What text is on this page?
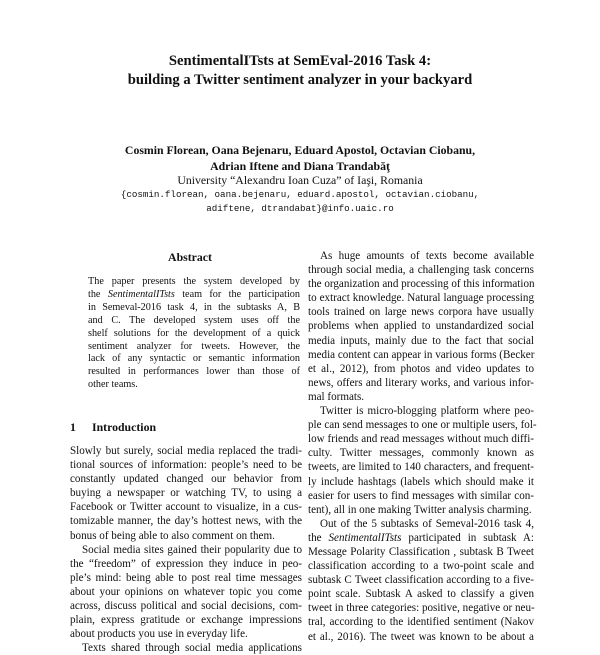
SentimentalITsts at SemEval-2016 Task 4:
building a Twitter sentiment analyzer in your backyard
Cosmin Florean, Oana Bejenaru, Eduard Apostol, Octavian Ciobanu,
Adrian Iftene and Diana Trandabăţ
University “Alexandru Ioan Cuza” of Iaşi, Romania
{cosmin.florean, oana.bejenaru, eduard.apostol, octavian.ciobanu,
adiftene, dtrandabat}@info.uaic.ro
Abstract
The paper presents the system developed by
the SentimentalITsts team for the participation
in Semeval-2016 task 4, in the subtasks A, B
and C. The developed system uses off the
shelf solutions for the development of a quick
sentiment analyzer for tweets. However, the
lack of any syntactic or semantic information
resulted in performances lower than those of
other teams.
1 Introduction
Slowly but surely, social media replaced the tradi-
tional sources of information: people’s need to be
constantly updated changed our behavior from
buying a newspaper or watching TV, to using a
Facebook or Twitter account to visualize, in a cus-
tomizable manner, the day’s hottest news, with the
bonus of being able to also comment on them.
Social media sites gained their popularity due to
the “freedom” of expression they induce in peo-
ple’s mind: being able to post real time messages
about your opinions on whatever topic you come
across, discuss political and social decisions, com-
plain, express gratitude or exchange impressions
about products you use in everyday life.
Texts shared through social media applications
As huge amounts of texts become available
through social media, a challenging task concerns
the organization and processing of this information
to extract knowledge. Natural language processing
tools trained on large news corpora have usually
problems when applied to unstandardized social
media inputs, mainly due to the fact that social
media content can appear in various forms (Becker
et al., 2012), from photos and video updates to
news, offers and literary works, and various infor-
mal formats.
Twitter is micro-blogging platform where peo-
ple can send messages to one or multiple users, fol-
low friends and read messages without much diffi-
culty. Twitter messages, commonly known as
tweets, are limited to 140 characters, and frequent-
ly include hashtags (labels which should make it
easier for users to find messages with similar con-
tent), all in one making Twitter analysis charming.
Out of the 5 subtasks of Semeval-2016 task 4,
the SentimentalITsts participated in subtask A:
Message Polarity Classification , subtask B Tweet
classification according to a two-point scale and
subtask C Tweet classification according to a five-
point scale. Subtask A asked to classify a given
tweet in three categories: positive, negative or neu-
tral, according to the identified sentiment (Nakov
et al., 2016). The tweet was known to be about a
